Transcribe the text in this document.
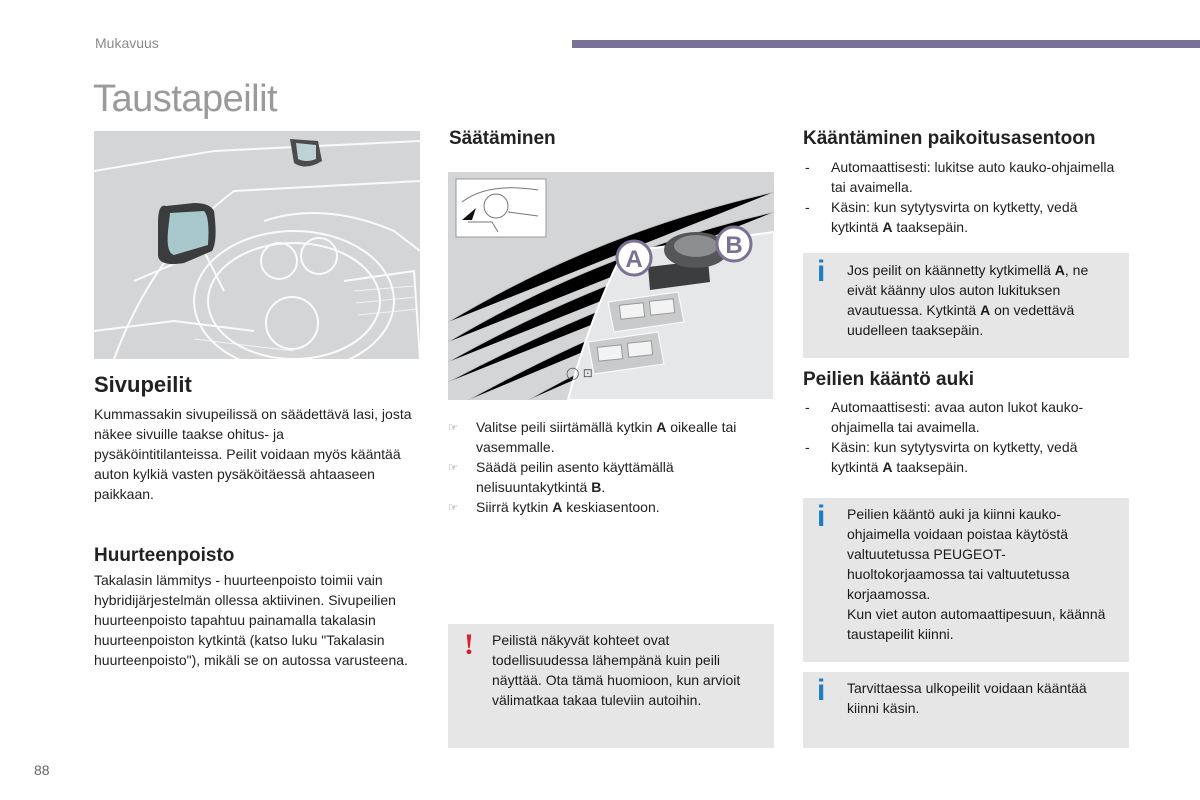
Mukavuus
Taustapeilit
Sivupeilit

Kummassakin sivupeilissä on säädettävä lasi, josta näkee sivuille taakse ohitus- ja pysäköintitilanteissa. Peilit voidaan myös kääntää auton kylkiä vasten pysäköitäessä ahtaaseen paikkaan.

Huurteenpoisto

Takalasin lämmitys - huurteenpoisto toimii vain hybridijärjestelmän ollessa aktiivinen. Sivupeilien huurteenpoisto tapahtuu painamalla takalasin huurteenpoiston kytkintä (katso luku "Takalasin huurteenpoisto"), mikäli se on autossa varusteena.

Säätäminen
◯ ⊡
A
B
☞ Valitse peili siirtämällä kytkin A oikealle tai vasemmalle.
☞ Säädä peilin asento käyttämällä nelisuuntakytkintä B.
☞ Siirrä kytkin A keskiasentoon.
! Peilistä näkyvät kohteet ovat todellisuudessa lähempänä kuin peili näyttää. Ota tämä huomioon, kun arvioit välimatkaa takaa tuleviin autoihin.

Kääntäminen paikoitusasentoon
- Automaattisesti: lukitse auto kauko-ohjaimella tai avaimella.
- Käsin: kun sytytysvirta on kytketty, vedä kytkintä A taaksepäin.
i Jos peilit on käännetty kytkimellä A, ne eivät käänny ulos auton lukituksen avautuessa. Kytkintä A on vedettävä uudelleen taaksepäin.

Peilien kääntö auki
- Automaattisesti: avaa auton lukot kauko-ohjaimella tai avaimella.
- Käsin: kun sytytysvirta on kytketty, vedä kytkintä A taaksepäin.
i Peilien kääntö auki ja kiinni kauko-ohjaimella voidaan poistaa käytöstä valtuutetussa PEUGEOT-huoltokorjaamossa tai valtuutetussa korjaamossa.
Kun viet auton automaattipesuun, käännä taustapeilit kiinni.

i Tarvittaessa ulkopeilit voidaan kääntää kiinni käsin.

88
